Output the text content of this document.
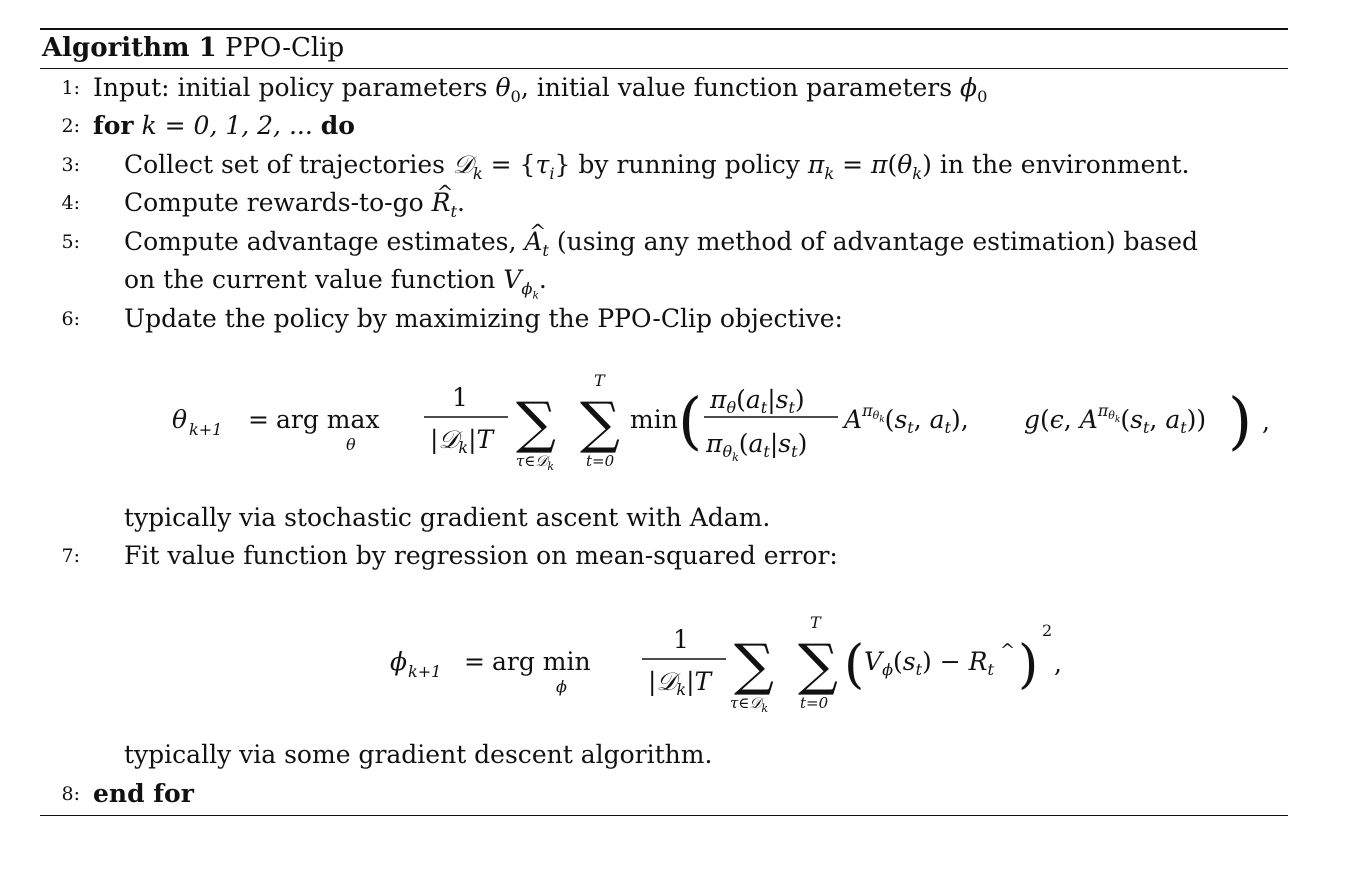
Algorithm 1 PPO-Clip
1: Input: initial policy parameters $\theta_0$, initial value function parameters $\phi_0$
2: for k = 0, 1, 2, ... do
3: Collect set of trajectories 𝒟$_k$ = $\{\tau_i\}$ by running policy $\pi_k = \pi(\theta_k)$ in the environment.
4: Compute rewards-to-go ^ $R_t$.
5: Compute advantage estimates, ^ $A_t$ (using any method of advantage estimation) based
on the current value function $V_{\phi_k}$.
6: Update the policy by maximizing the PPO-Clip objective:
θ k+1 = arg max
θ
1
|𝒟$_k$|T ∑
τ∈𝒟$_k$
∑
T
t=0
min ( $\pi_\theta(a_t|s_t)$
$\pi_\theta k(a_t|s_t)$
$A^\pi\theta k(s_t$, $a_t$), g(ϵ, $A^\pi\theta k(s_t$, $a_t$)) ) ,
typically via stochastic gradient ascent with Adam.
7: Fit value function by regression on mean-squared error:
ϕ k+1 = arg min
ϕ
1
|𝒟$_k$|T ∑
τ∈𝒟$_k$
∑
T
t=0
( $V_\phi(s_t) - R_t$
^ )
2
,
typically via some gradient descent algorithm.
8: end for
